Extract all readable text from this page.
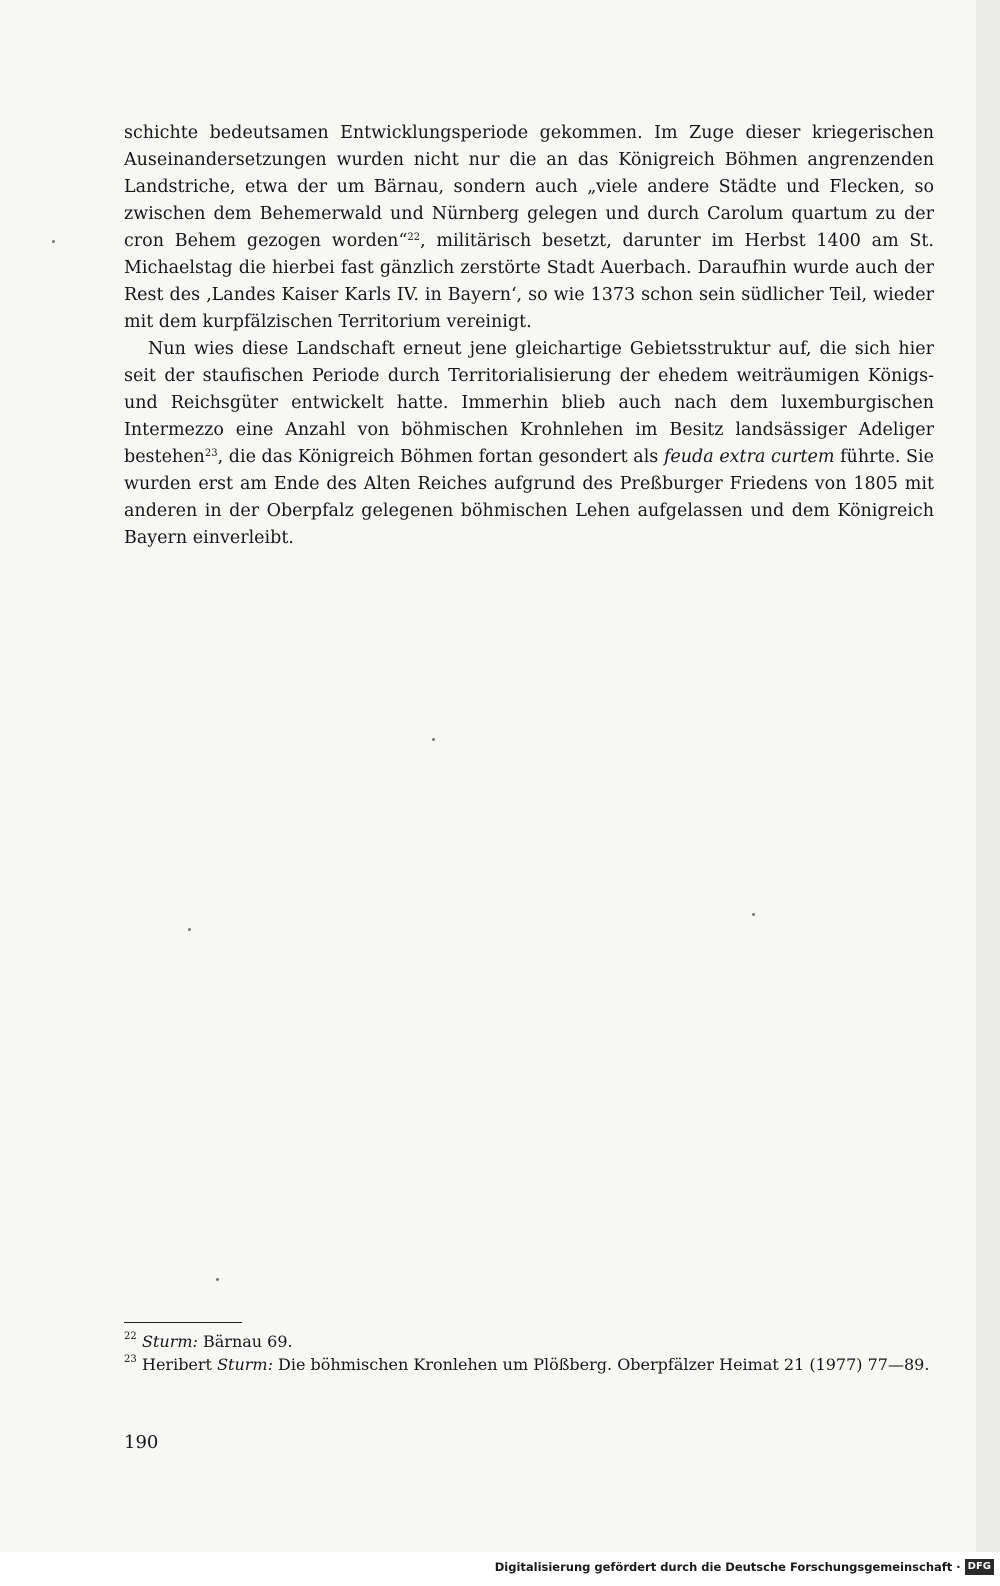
schichte bedeutsamen Entwicklungsperiode gekommen. Im Zuge dieser kriegerischen Auseinandersetzungen wurden nicht nur die an das Königreich Böhmen angrenzenden Landstriche, etwa der um Bärnau, sondern auch „viele andere Städte und Flecken, so zwischen dem Behemerwald und Nürnberg gelegen und durch Carolum quartum zu der cron Behem gezogen worden“$^{22}$, militärisch besetzt, darunter im Herbst 1400 am St. Michaelstag die hierbei fast gänzlich zerstörte Stadt Auerbach. Daraufhin wurde auch der Rest des ‚Landes Kaiser Karls IV. in Bayern‘, so wie 1373 schon sein südlicher Teil, wieder mit dem kurpfälzischen Territorium vereinigt.

Nun wies diese Landschaft erneut jene gleichartige Gebietsstruktur auf, die sich hier seit der staufischen Periode durch Territorialisierung der ehedem weiträumigen Königs- und Reichsgüter entwickelt hatte. Immerhin blieb auch nach dem luxemburgischen Intermezzo eine Anzahl von böhmischen Krohnlehen im Besitz landsässiger Adeliger bestehen$^{23}$, die das Königreich Böhmen fortan gesondert als feuda extra curtem führte. Sie wurden erst am Ende des Alten Reiches aufgrund des Preßburger Friedens von 1805 mit anderen in der Oberpfalz gelegenen böhmischen Lehen aufgelassen und dem Königreich Bayern einverleibt.

22 Sturm: Bärnau 69.
23 Heribert Sturm: Die böhmischen Kronlehen um Plößberg. Oberpfälzer Heimat 21 (1977) 77—89.
190
Digitalisierung gefördert durch die Deutsche Forschungsgemeinschaft · DFG
